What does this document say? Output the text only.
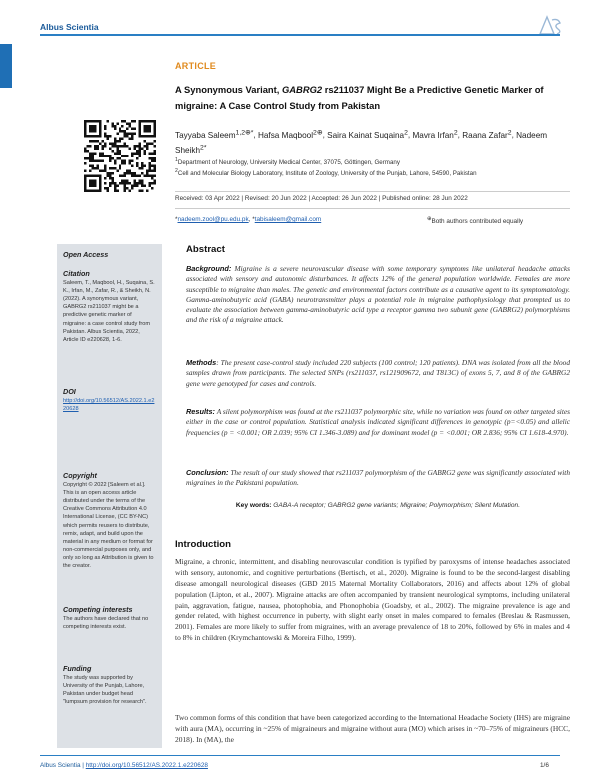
Albus Scientia
ARTICLE
A Synonymous Variant, GABRG2 rs211037 Might Be a Predictive Genetic Marker of migraine: A Case Control Study from Pakistan
Tayyaba Saleem$^{1,2\oplus*}$, Hafsa Maqbool$^{2\oplus}$, Saira Kainat Suqaina$^2$, Mavra Irfan$^2$, Raana Zafar$^2$, Nadeem Sheikh$^{2*}$
$^1$Department of Neurology, University Medical Center, 37075, Göttingen, Germany
$^2$Cell and Molecular Biology Laboratory, Institute of Zoology, University of the Punjab, Lahore, 54590, Pakistan
Received: 03 Apr 2022 | Revised: 20 Jun 2022 | Accepted: 26 Jun 2022 | Published online: 28 Jun 2022
*nadeem.zool@pu.edu.pk, *tabisaleem@gmail.com	⊕Both authors contributed equally
Open Access
Citation
Saleem, T., Maqbool, H., Suqaina, S. K., Irfan, M., Zafar, R., & Sheikh, N. (2022). A synonymous variant, GABRG2 rs211037 might be a predictive genetic marker of migraine: a case control study from Pakistan. Albus Scientia, 2022, Article ID e220628, 1-6.
DOI
http://doi.org/10.56512/AS.2022.1.e220628
Copyright
Copyright © 2022 [Saleem et al.]. This is an open access article distributed under the terms of the Creative Commons Attribution 4.0 International License, (CC BY-NC) which permits reusers to distribute, remix, adapt, and build upon the material in any medium or format for non-commercial purposes only, and only so long as Attribution is given to the creator.
Competing interests
The authors have declared that no competing interests exist.
Funding
The study was supported by University of the Punjab, Lahore, Pakistan under budget head "lumpsum provision for research".
Abstract
Background: Migraine is a severe neurovascular disease with some temporary symptoms like unilateral headache attacks associated with sensory and autonomic disturbances. It affects 12% of the general population worldwide. Females are more susceptible to migraine than males. The genetic and environmental factors contribute as a causative agent to its symptomatology. Gamma-aminobutyric acid (GABA) neurotransmitter plays a potential role in migraine pathophysiology that prompted us to evaluate the association between gamma-aminobutyric acid type a receptor gamma two subunit gene (GABRG2) polymorphisms and the risk of a migraine attack.
Methods: The present case-control study included 220 subjects (100 control; 120 patients). DNA was isolated from all the blood samples drawn from participants. The selected SNPs (rs211037, rs121909672, and T813C) of exons 5, 7, and 8 of the GABRG2 gene were genotyped for cases and controls.
Results: A silent polymorphism was found at the rs211037 polymorphic site, while no variation was found on other targeted sites either in the case or control population. Statistical analysis indicated significant differences in genotypic (p=<0.05) and allelic frequencies (p = <0.001; OR 2.039; 95% CI 1.346-3.089) and for dominant model (p = <0.001; OR 2.836; 95% CI 1.618-4.970).
Conclusion: The result of our study showed that rs211037 polymorphism of the GABRG2 gene was significantly associated with migraines in the Pakistani population.
Key words: GABA-A receptor; GABRG2 gene variants; Migraine; Polymorphism; Silent Mutation.
Introduction
Migraine, a chronic, intermittent, and disabling neurovascular condition is typified by paroxysms of intense headaches associated with sensory, autonomic, and cognitive perturbations (Bertisch, et al., 2020). Migraine is found to be the second-largest disabling disease amongall neurological diseases (GBD 2015 Maternal Mortality Collaborators, 2016) and affects about 12% of global population (Lipton, et al., 2007). Migraine attacks are often accompanied by transient neurological symptoms, including unilateral pain, aggravation, fatigue, nausea, photophobia, and Phonophobia (Goadsby, et al., 2002). The migraine prevalence is age and gender related, with highest occurrence in puberty, with slight early onset in males compared to females (Breslau & Rasmussen, 2001). Females are more likely to suffer from migraines, with an average prevalence of 18 to 20%, followed by 6% in males and 4 to 8% in children (Krymchantowski & Moreira Filho, 1999).
Two common forms of this condition that have been categorized according to the International Headache Society (IHS) are migraine with aura (MA), occurring in ~25% of migraineurs and migraine without aura (MO) which arises in ~70–75% of migraineurs (HCC, 2018). In (MA), the
Albus Scientia | http://doi.org/10.56512/AS.2022.1.e220628	1/6
